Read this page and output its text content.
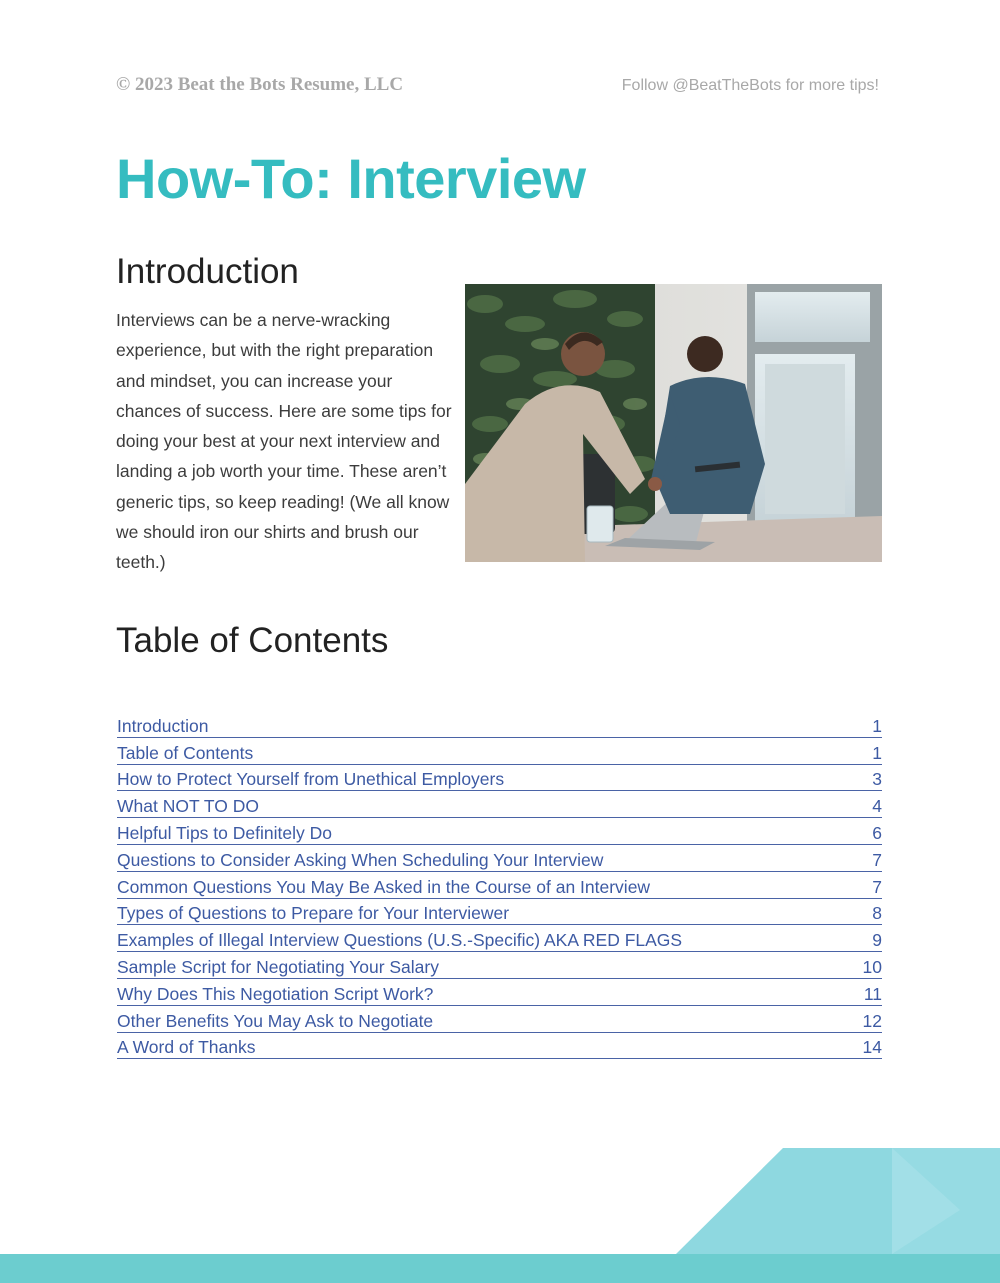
© 2023 Beat the Bots Resume, LLC	Follow @BeatTheBots for more tips!
How-To: Interview
Introduction

Interviews can be a nerve-wracking experience, but with the right preparation and mindset, you can increase your chances of success. Here are some tips for doing your best at your next interview and landing a job worth your time. These aren’t generic tips, so keep reading! (We all know we should iron our shirts and brush our teeth.)

Table of Contents
Introduction	1
Table of Contents	1
How to Protect Yourself from Unethical Employers	3
What NOT TO DO	4
Helpful Tips to Definitely Do	6
Questions to Consider Asking When Scheduling Your Interview	7
Common Questions You May Be Asked in the Course of an Interview	7
Types of Questions to Prepare for Your Interviewer	8
Examples of Illegal Interview Questions (U.S.-Specific) AKA RED FLAGS	9
Sample Script for Negotiating Your Salary	10
Why Does This Negotiation Script Work?	11
Other Benefits You May Ask to Negotiate	12
A Word of Thanks	14
